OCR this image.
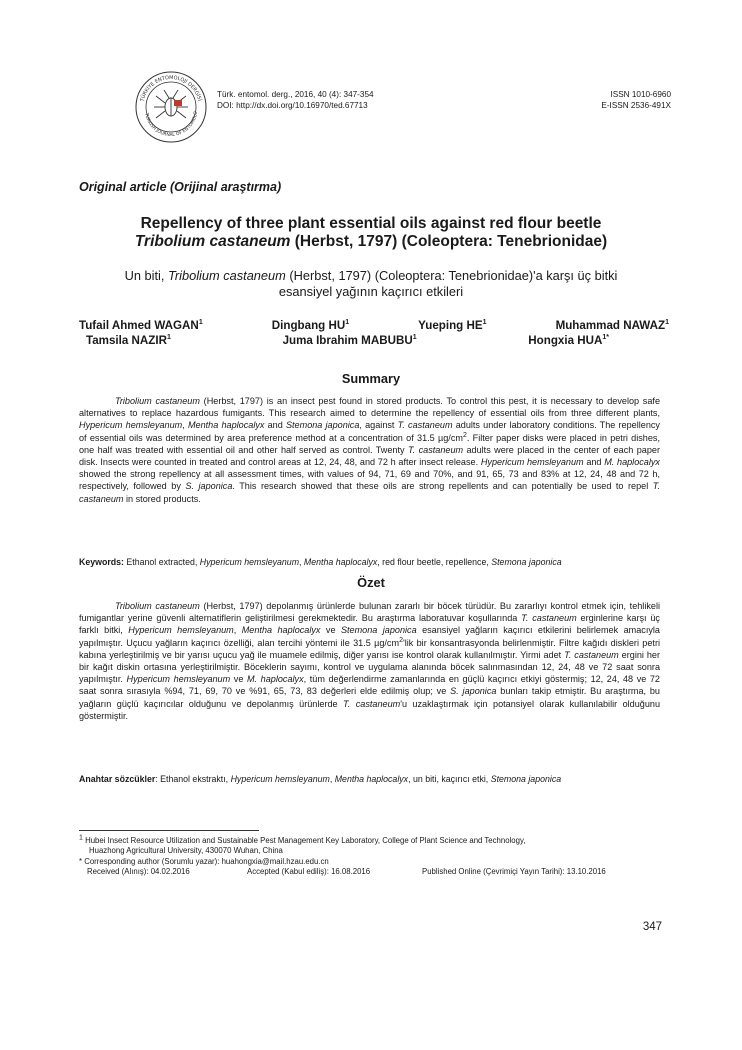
TÜRKİYE ENTOMOLOJİ DERGİSİ
TURKISH JOURNAL OF ENTOMOLO
Türk. entomol. derg., 2016, 40 (4): 347-354
DOI: http://dx.doi.org/10.16970/ted.67713
ISSN 1010-6960
E-ISSN 2536-491X
Original article (Orijinal araştırma)
Repellency of three plant essential oils against red flour beetle
Tribolium castaneum (Herbst, 1797) (Coleoptera: Tenebrionidae)
Un biti, Tribolium castaneum (Herbst, 1797) (Coleoptera: Tenebrionidae)'a karşı üç bitki
esansiyel yağının kaçırıcı etkileri
Tufail Ahmed WAGAN$^1$	Dingbang $HU^1$	Yueping $HE^1$	Muhammad NAWAZ$^1$
Tamsila NAZIR$^1$	Juma Ibrahim MABUBU$^1$	Hongxia $HUA^{1*}$
Summary

Tribolium castaneum (Herbst, 1797) is an insect pest found in stored products. To control this pest, it is necessary to develop safe alternatives to replace hazardous fumigants. This research aimed to determine the repellency of essential oils from three different plants, Hypericum hemsleyanum, Mentha haplocalyx and Stemona japonica, against T. castaneum adults under laboratory conditions. The repellency of essential oils was determined by area preference method at a concentration of 31.5 $\mu g/cm^2$. Filter paper disks were placed in petri dishes, one half was treated with essential oil and other half served as control. Twenty T. castaneum adults were placed in the center of each paper disk. Insects were counted in treated and control areas at 12, 24, 48, and 72 h after insect release. Hypericum hemsleyanum and M. haplocalyx showed the strong repellency at all assessment times, with values of 94, 71, 69 and 70%, and 91, 65, 73 and 83% at 12, 24, 48 and 72 h, respectively, followed by S. japonica. This research showed that these oils are strong repellents and can potentially be used to repel T. castaneum in stored products.

Keywords: Ethanol extracted, Hypericum hemsleyanum, Mentha haplocalyx, red flour beetle, repellence, Stemona japonica
Özet

Tribolium castaneum (Herbst, 1797) depolanmış ürünlerde bulunan zararlı bir böcek türüdür. Bu zararlıyı kontrol etmek için, tehlikeli fumigantlar yerine güvenli alternatiflerin geliştirilmesi gerekmektedir. Bu araştırma laboratuvar koşullarında T. castaneum erginlerine karşı üç farklı bitki, Hypericum hemsleyanum, Mentha haplocalyx ve Stemona japonica esansiyel yağların kaçırıcı etkilerini belirlemek amacıyla yapılmıştır. Uçucu yağların kaçırıcı özelliği, alan tercihi yöntemi ile 31.5 $\mu g/cm^2'lik$ bir konsantrasyonda belirlenmiştir. Filtre kağıdı diskleri petri kabına yerleştirilmiş ve bir yarısı uçucu yağ ile muamele edilmiş, diğer yarısı ise kontrol olarak kullanılmıştır. Yirmi adet T. castaneum ergini her bir kağıt diskin ortasına yerleştirilmiştir. Böceklerin sayımı, kontrol ve uygulama alanında böcek salınmasından 12, 24, 48 ve 72 saat sonra yapılmıştır. Hypericum hemsleyanum ve M. haplocalyx, tüm değerlendirme zamanlarında en güçlü kaçırıcı etkiyi göstermiş; 12, 24, 48 ve 72 saat sonra sırasıyla %94, 71, 69, 70 ve %91, 65, 73, 83 değerleri elde edilmiş olup; ve S. japonica bunları takip etmiştir. Bu araştırma, bu yağların güçlü kaçırıcılar olduğunu ve depolanmış ürünlerde T. castaneum'u uzaklaştırmak için potansiyel olarak kullanılabilir olduğunu göstermiştir.

Anahtar sözcükler: Ethanol ekstraktı, Hypericum hemsleyanum, Mentha haplocalyx, un biti, kaçırıcı etki, Stemona japonica
$^1$ Hubei Insect Resource Utilization and Sustainable Pest Management Key Laboratory, College of Plant Science and Technology,
Huazhong Agricultural University, 430070 Wuhan, China
* Corresponding author (Sorumlu yazar): huahongxia@mail.hzau.edu.cn
Received (Alınış): 04.02.2016	Accepted (Kabul ediliş): 16.08.2016	Published Online (Çevrimiçi Yayın Tarihi): 13.10.2016
347
